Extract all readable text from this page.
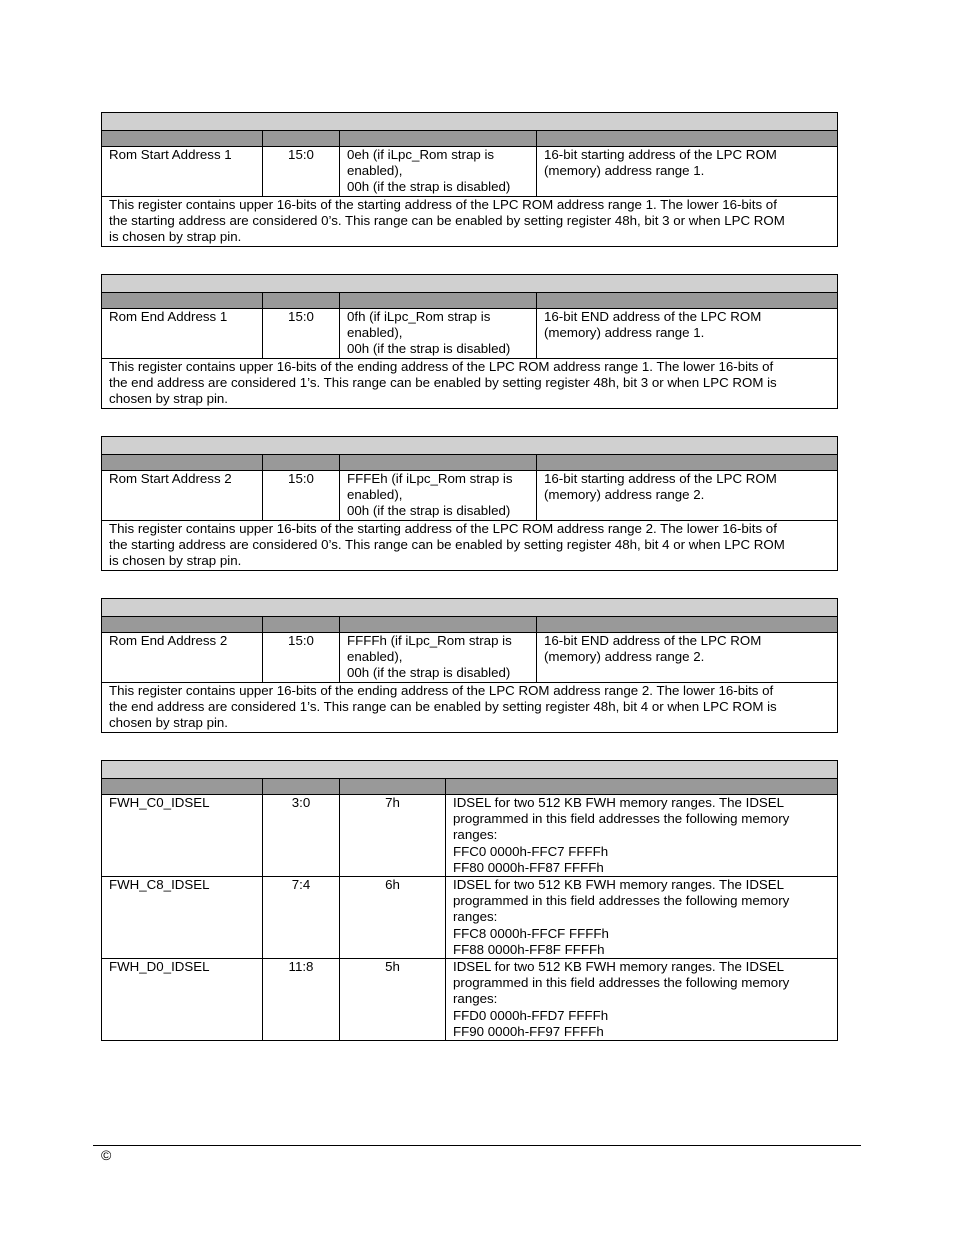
Rom Start Address 1	15:0	0eh (if iLpc_Rom strap is
enabled),
00h (if the strap is disabled)	16-bit starting address of the LPC ROM
(memory) address range 1.

This register contains upper 16-bits of the starting address of the LPC ROM address range 1. The lower 16-bits of
the starting address are considered 0’s. This range can be enabled by setting register 48h, bit 3 or when LPC ROM
is chosen by strap pin.			

Rom End Address 1	15:0	0fh (if iLpc_Rom strap is
enabled),
00h (if the strap is disabled)	16-bit END address of the LPC ROM
(memory) address range 1.

This register contains upper 16-bits of the ending address of the LPC ROM address range 1. The lower 16-bits of
the end address are considered 1’s. This range can be enabled by setting register 48h, bit 3 or when LPC ROM is
chosen by strap pin.			

Rom Start Address 2	15:0	FFFEh (if iLpc_Rom strap is
enabled),
00h (if the strap is disabled)	16-bit starting address of the LPC ROM
(memory) address range 2.

This register contains upper 16-bits of the starting address of the LPC ROM address range 2. The lower 16-bits of
the starting address are considered 0’s. This range can be enabled by setting register 48h, bit 4 or when LPC ROM
is chosen by strap pin.			

Rom End Address 2	15:0	FFFFh (if iLpc_Rom strap is
enabled),
00h (if the strap is disabled)	16-bit END address of the LPC ROM
(memory) address range 2.

This register contains upper 16-bits of the ending address of the LPC ROM address range 2. The lower 16-bits of
the end address are considered 1’s. This range can be enabled by setting register 48h, bit 4 or when LPC ROM is
chosen by strap pin.			

FWH_C0_IDSEL	3:0	7h	IDSEL for two 512 KB FWH memory ranges. The IDSEL
programmed in this field addresses the following memory
ranges:
FFC0 0000h-FFC7 FFFFh
FF80 0000h-FF87 FFFFh

FWH_C8_IDSEL	7:4	6h	IDSEL for two 512 KB FWH memory ranges. The IDSEL
programmed in this field addresses the following memory
ranges:
FFC8 0000h-FFCF FFFFh
FF88 0000h-FF8F FFFFh

FWH_D0_IDSEL	11:8	5h	IDSEL for two 512 KB FWH memory ranges. The IDSEL
programmed in this field addresses the following memory
ranges:
FFD0 0000h-FFD7 FFFFh
FF90 0000h-FF97 FFFFh
©
